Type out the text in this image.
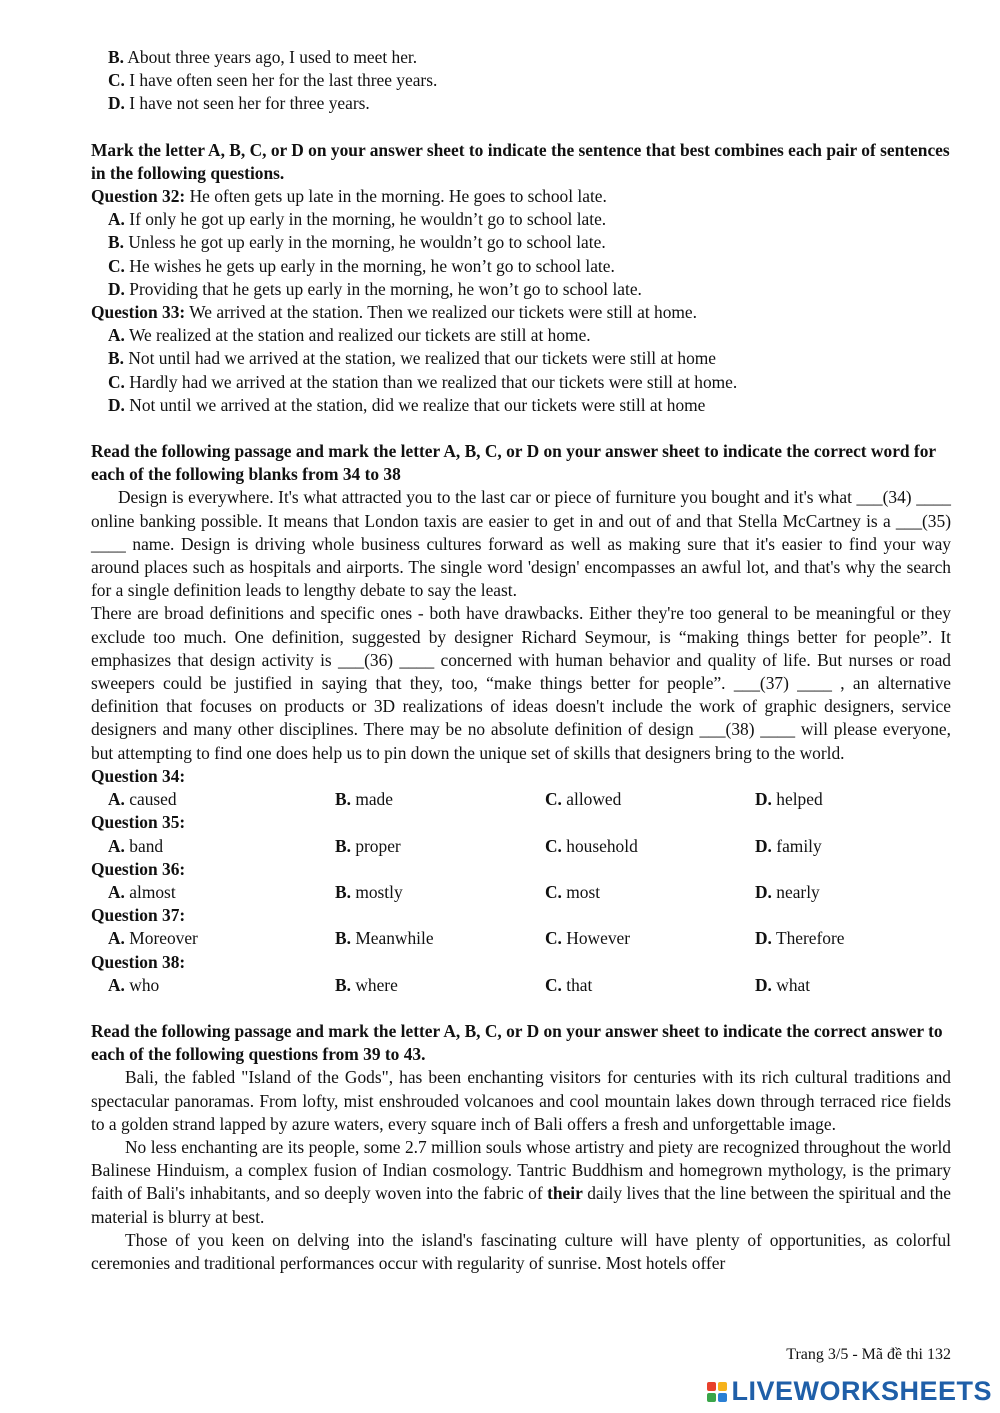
B. About three years ago, I used to meet her.
C. I have often seen her for the last three years.
D. I have not seen her for three years.
Mark the letter A, B, C, or D on your answer sheet to indicate the sentence that best combines each pair of sentences in the following questions.
Question 32: He often gets up late in the morning. He goes to school late.
A. If only he got up early in the morning, he wouldn’t go to school late.
B. Unless he got up early in the morning, he wouldn’t go to school late.
C. He wishes he gets up early in the morning, he won’t go to school late.
D. Providing that he gets up early in the morning, he won’t go to school late.
Question 33: We arrived at the station. Then we realized our tickets were still at home.
A. We realized at the station and realized our tickets are still at home.
B. Not until had we arrived at the station, we realized that our tickets were still at home
C. Hardly had we arrived at the station than we realized that our tickets were still at home.
D. Not until we arrived at the station, did we realize that our tickets were still at home
Read the following passage and mark the letter A, B, C, or D on your answer sheet to indicate the correct word for each of the following blanks from 34 to 38
Design is everywhere. It's what attracted you to the last car or piece of furniture you bought and it's what ___(34) ____ online banking possible. It means that London taxis are easier to get in and out of and that Stella McCartney is a ___(35) ____ name. Design is driving whole business cultures forward as well as making sure that it's easier to find your way around places such as hospitals and airports. The single word 'design' encompasses an awful lot, and that's why the search for a single definition leads to lengthy debate to say the least.
There are broad definitions and specific ones - both have drawbacks. Either they're too general to be meaningful or they exclude too much. One definition, suggested by designer Richard Seymour, is “making things better for people”. It emphasizes that design activity is ___(36) ____ concerned with human behavior and quality of life. But nurses or road sweepers could be justified in saying that they, too, “make things better for people”. ___(37) ____ , an alternative definition that focuses on products or 3D realizations of ideas doesn't include the work of graphic designers, service designers and many other disciplines. There may be no absolute definition of design ___(38) ____ will please everyone, but attempting to find one does help us to pin down the unique set of skills that designers bring to the world.
Question 34:
A. caused	B. made	C. allowed	D. helped
Question 35:
A. band	B. proper	C. household	D. family
Question 36:
A. almost	B. mostly	C. most	D. nearly
Question 37:
A. Moreover	B. Meanwhile	C. However	D. Therefore
Question 38:
A. who	B. where	C. that	D. what
Read the following passage and mark the letter A, B, C, or D on your answer sheet to indicate the correct answer to each of the following questions from 39 to 43.
Bali, the fabled "Island of the Gods", has been enchanting visitors for centuries with its rich cultural traditions and spectacular panoramas. From lofty, mist enshrouded volcanoes and cool mountain lakes down through terraced rice fields to a golden strand lapped by azure waters, every square inch of Bali offers a fresh and unforgettable image.
No less enchanting are its people, some 2.7 million souls whose artistry and piety are recognized throughout the world Balinese Hinduism, a complex fusion of Indian cosmology. Tantric Buddhism and homegrown mythology, is the primary faith of Bali's inhabitants, and so deeply woven into the fabric of their daily lives that the line between the spiritual and the material is blurry at best.
Those of you keen on delving into the island's fascinating culture will have plenty of opportunities, as colorful ceremonies and traditional performances occur with regularity of sunrise. Most hotels offer
Trang 3/5 - Mã đề thi 132
LIVEWORKSHEETS
